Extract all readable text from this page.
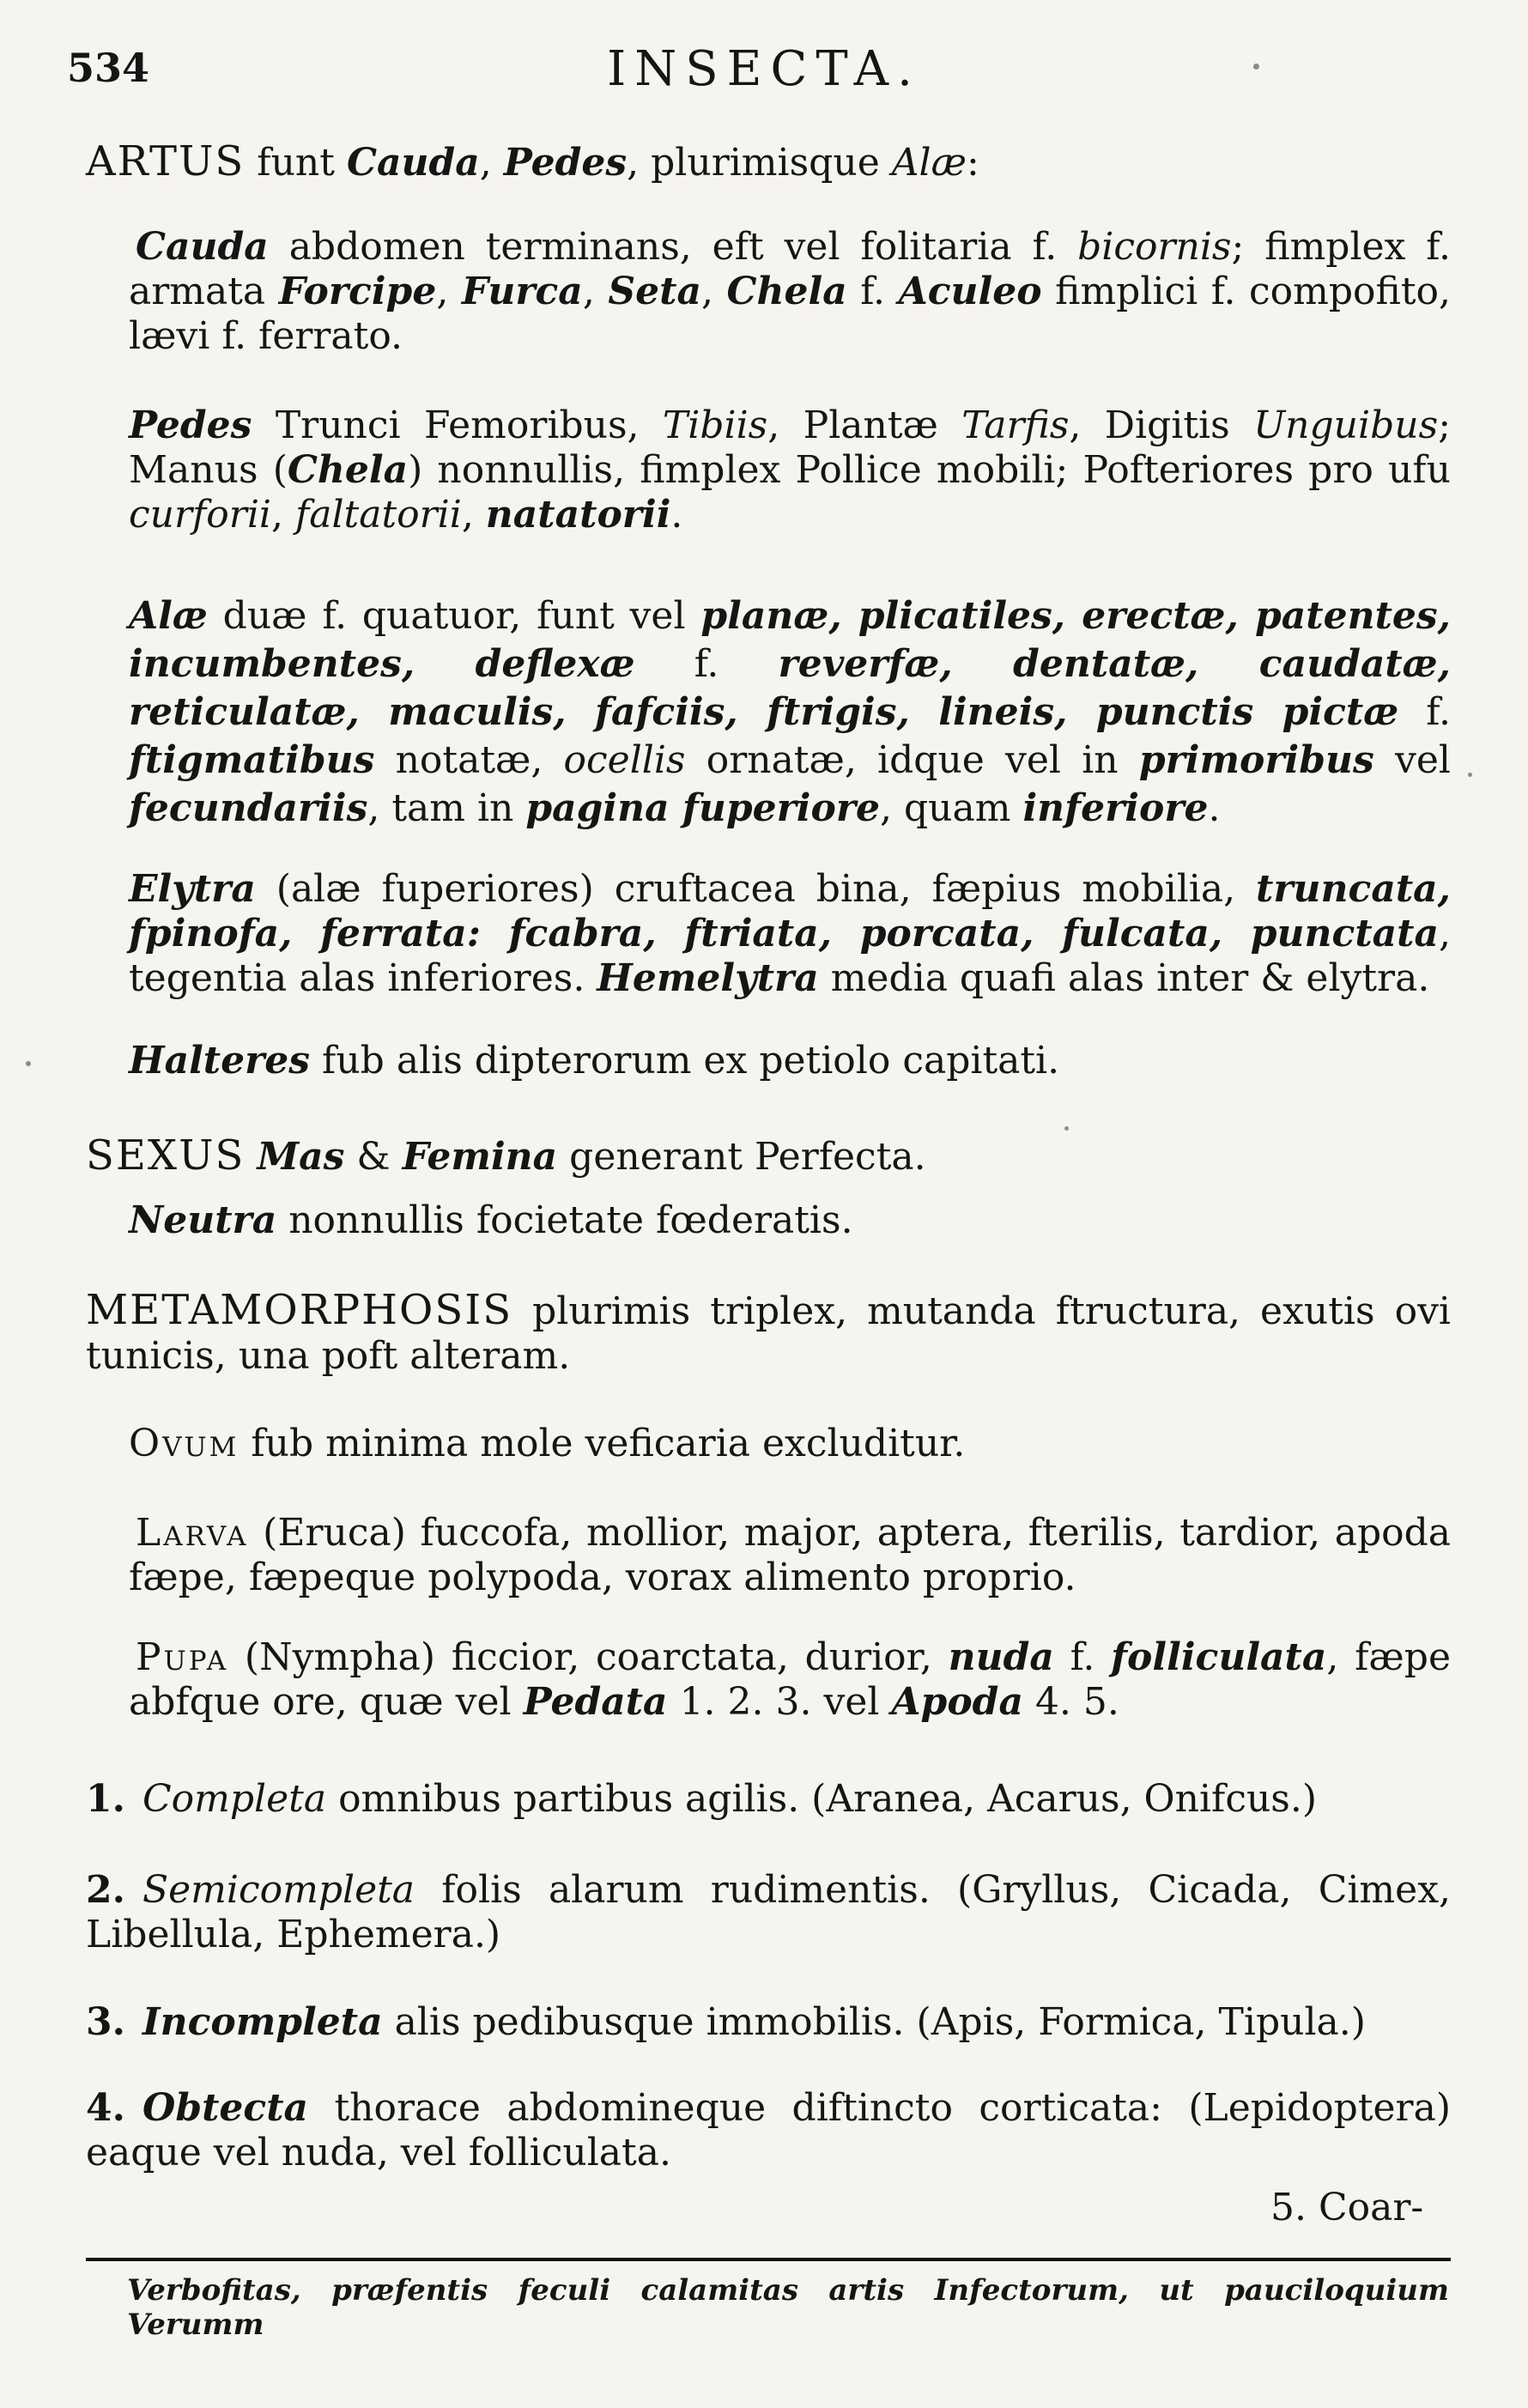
534	INSECTA.
ARTUS funt Cauda, Pedes, plurimisque Alæ:
Cauda abdomen terminans, eft vel folitaria f. bicornis; fimplex f. armata Forcipe, Furca, Seta, Chela f. Aculeo fimplici f. compofito, lævi f. ferrato.
Pedes Trunci Femoribus, Tibiis, Plantæ Tarfis, Digitis Unguibus; Manus (Chela) nonnullis, fimplex Pollice mobili; Pofteriores pro ufu curforii, faltatorii, natatorii.
Alæ duæ f. quatuor, funt vel planæ, plicatiles, erectæ, patentes, incumbentes, deflexæ f. reverfæ, dentatæ, caudatæ, reticulatæ, maculis, fafciis, ftrigis, lineis, punctis pictæ f. ftigmatibus notatæ, ocellis ornatæ, idque vel in primoribus vel fecundariis, tam in pagina fuperiore, quam inferiore.
Elytra (alæ fuperiores) cruftacea bina, fæpius mobilia, truncata, fpinofa, ferrata: fcabra, ftriata, porcata, fulcata, punctata, tegentia alas inferiores. Hemelytra media quafi alas inter & elytra.
Halteres fub alis dipterorum ex petiolo capitati.
SEXUS Mas & Femina generant Perfecta.
Neutra nonnullis focietate fœderatis.
METAMORPHOSIS plurimis triplex, mutanda ftructura, exutis ovi tunicis, una poft alteram.
Ovum fub minima mole veficaria excluditur.
Larva (Eruca) fuccofa, mollior, major, aptera, fterilis, tardior, apoda fæpe, fæpeque polypoda, vorax alimento proprio.
Pupa (Nympha) ficcior, coarctata, durior, nuda f. folliculata, fæpe abfque ore, quæ vel Pedata 1. 2. 3. vel Apoda 4. 5.
1. Completa omnibus partibus agilis. (Aranea, Acarus, Onifcus.)
2. Semicompleta folis alarum rudimentis. (Gryllus, Cicada, Cimex, Libellula, Ephemera.)
3. Incompleta alis pedibusque immobilis. (Apis, Formica, Tipula.)
4. Obtecta thorace abdomineque diftincto corticata: (Lepidoptera) eaque vel nuda, vel folliculata.
5. Coar-
Verbofitas, præfentis feculi calamitas artis Infectorum, ut pauciloquium Verumm
